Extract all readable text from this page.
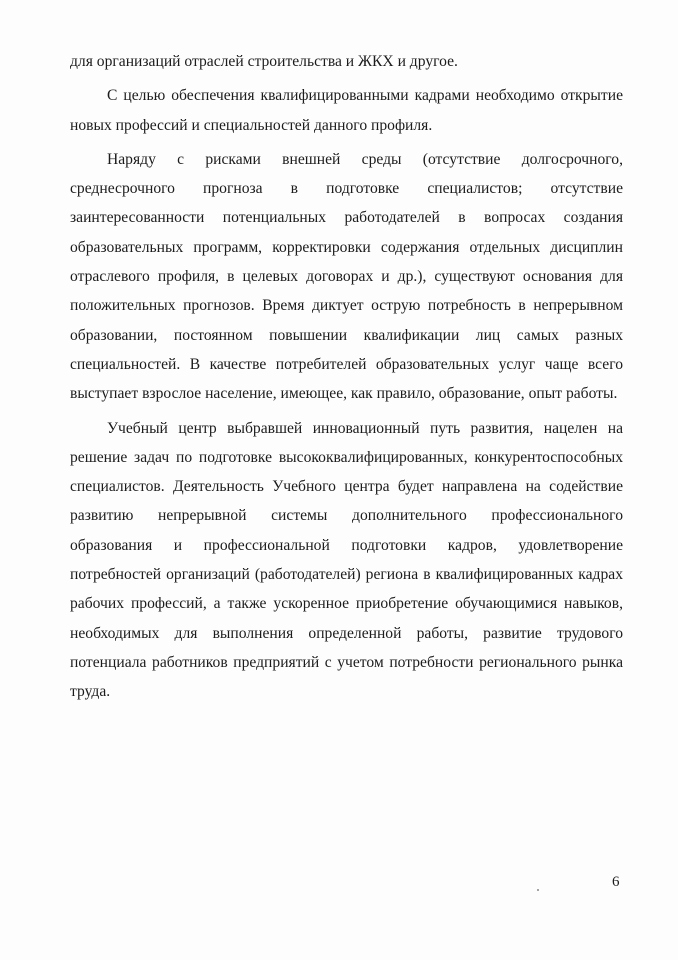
для организаций отраслей строительства и ЖКХ и другое.

С целью обеспечения квалифицированными кадрами необходимо открытие новых профессий и специальностей данного профиля.

Наряду с рисками внешней среды (отсутствие долгосрочного, среднесрочного прогноза в подготовке специалистов; отсутствие заинтересованности потенциальных работодателей в вопросах создания образовательных программ, корректировки содержания отдельных дисциплин отраслевого профиля, в целевых договорах и др.), существуют основания для положительных прогнозов. Время диктует острую потребность в непрерывном образовании, постоянном повышении квалификации лиц самых разных специальностей. В качестве потребителей образовательных услуг чаще всего выступает взрослое население, имеющее, как правило, образование, опыт работы.

Учебный центр выбравшей инновационный путь развития, нацелен на решение задач по подготовке высококвалифицированных, конкурентоспособных специалистов. Деятельность Учебного центра будет направлена на содействие развитию непрерывной системы дополнительного профессионального образования и профессиональной подготовки кадров, удовлетворение потребностей организаций (работодателей) региона в квалифицированных кадрах рабочих профессий, а также ускоренное приобретение обучающимися навыков, необходимых для выполнения определенной работы, развитие трудового потенциала работников предприятий с учетом потребности регионального рынка труда.

6
